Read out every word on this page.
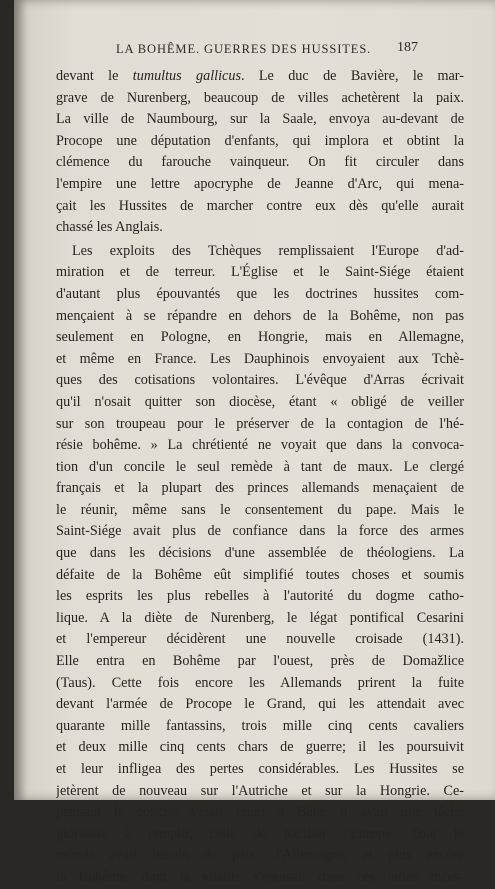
LA BOHÊME. GUERRES DES HUSSITES. 187
devant le tumultus gallicus. Le duc de Bavière, le mar-
grave de Nurenberg, beaucoup de villes achetèrent la paix.
La ville de Naumbourg, sur la Saale, envoya au-devant de
Procope une députation d'enfants, qui implora et obtint la
clémence du farouche vainqueur. On fit circuler dans
l'empire une lettre apocryphe de Jeanne d'Arc, qui mena-
çait les Hussites de marcher contre eux dès qu'elle aurait
chassé les Anglais.
Les exploits des Tchèques remplissaient l'Europe d'ad-
miration et de terreur. L'Église et le Saint-Siége étaient
d'autant plus épouvantés que les doctrines hussites com-
mençaient à se répandre en dehors de la Bohême, non pas
seulement en Pologne, en Hongrie, mais en Allemagne,
et même en France. Les Dauphinois envoyaient aux Tchè-
ques des cotisations volontaires. L'évêque d'Arras écrivait
qu'il n'osait quitter son diocèse, étant « obligé de veiller
sur son troupeau pour le préserver de la contagion de l'hé-
résie bohême. » La chrétienté ne voyait que dans la convoca-
tion d'un concile le seul remède à tant de maux. Le clergé
français et la plupart des princes allemands menaçaient de
le réunir, même sans le consentement du pape. Mais le
Saint-Siége avait plus de confiance dans la force des armes
que dans les décisions d'une assemblée de théologiens. La
défaite de la Bohême eût simplifié toutes choses et soumis
les esprits les plus rebelles à l'autorité du dogme catho-
lique. A la diète de Nurenberg, le légat pontifical Cesarini
et l'empereur décidèrent une nouvelle croisade (1431).
Elle entra en Bohême par l'ouest, près de Domažlice
(Taus). Cette fois encore les Allemands prirent la fuite
devant l'armée de Procope le Grand, qui les attendait avec
quarante mille fantassins, trois mille cinq cents cavaliers
et deux mille cinq cents chars de guerre; il les poursuivit
et leur infligea des pertes considérables. Les Hussites se
jetèrent de nouveau sur l'Autriche et sur la Hongrie. Ce-
pendant le concile s'était réuni à Bâle; il avait une tâche
glorieuse à remplir, celle de pacifier l'Europe. Tout le
monde avait besoin de paix; l'Allemagne, et plus encore
la Bohême, dont la vitalité s'épuisait dans ces luttes inces-
